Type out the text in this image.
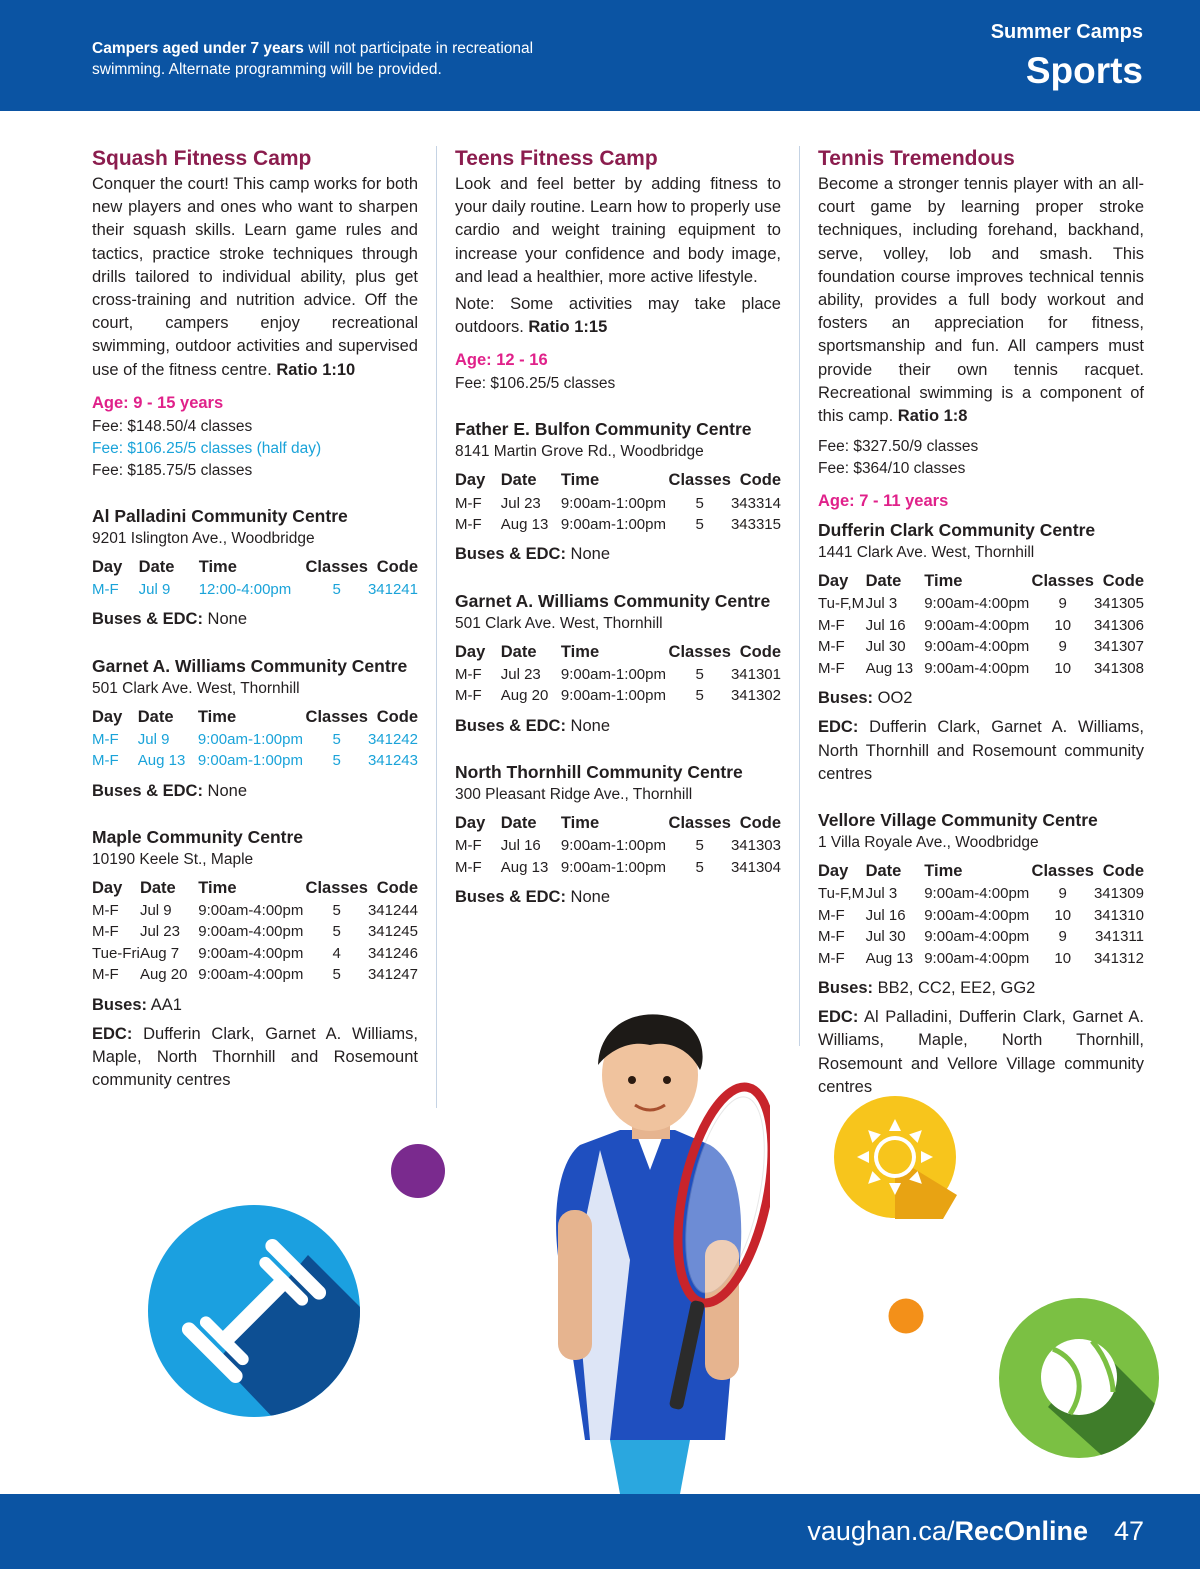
Campers aged under 7 years will not participate in recreational swimming. Alternate programming will be provided.
Summer Camps
Sports
Squash Fitness Camp

Conquer the court! This camp works for both new players and ones who want to sharpen their squash skills. Learn game rules and tactics, practice stroke techniques through drills tailored to individual ability, plus get cross-training and nutrition advice. Off the court, campers enjoy recreational swimming, outdoor activities and supervised use of the fitness centre. Ratio 1:10

Age: 9 - 15 years
Fee: $148.50/4 classes
Fee: $106.25/5 classes (half day)
Fee: $185.75/5 classes
Al Palladini Community Centre
9201 Islington Ave., Woodbridge
Day	Date	Time	Classes	Code
M-F	Jul 9	12:00-4:00pm	5	341241
Buses & EDC: None
Garnet A. Williams Community Centre
501 Clark Ave. West, Thornhill
Day	Date	Time	Classes	Code
M-F	Jul 9	9:00am-1:00pm	5	341242
M-F	Aug 13	9:00am-1:00pm	5	341243
Buses & EDC: None
Maple Community Centre
10190 Keele St., Maple
Day	Date	Time	Classes	Code
M-F	Jul 9	9:00am-4:00pm	5	341244
M-F	Jul 23	9:00am-4:00pm	5	341245
Tue-Fri	Aug 7	9:00am-4:00pm	4	341246
M-F	Aug 20	9:00am-4:00pm	5	341247
Buses: AA1
EDC: Dufferin Clark, Garnet A. Williams, Maple, North Thornhill and Rosemount community centres
Teens Fitness Camp

Look and feel better by adding fitness to your daily routine. Learn how to properly use cardio and weight training equipment to increase your confidence and body image, and lead a healthier, more active lifestyle.

Note: Some activities may take place outdoors. Ratio 1:15

Age: 12 - 16
Fee: $106.25/5 classes
Father E. Bulfon Community Centre
8141 Martin Grove Rd., Woodbridge
Day	Date	Time	Classes	Code
M-F	Jul 23	9:00am-1:00pm	5	343314
M-F	Aug 13	9:00am-1:00pm	5	343315
Buses & EDC: None
Garnet A. Williams Community Centre
501 Clark Ave. West, Thornhill
Day	Date	Time	Classes	Code
M-F	Jul 23	9:00am-1:00pm	5	341301
M-F	Aug 20	9:00am-1:00pm	5	341302
Buses & EDC: None
North Thornhill Community Centre
300 Pleasant Ridge Ave., Thornhill
Day	Date	Time	Classes	Code
M-F	Jul 16	9:00am-1:00pm	5	341303
M-F	Aug 13	9:00am-1:00pm	5	341304
Buses & EDC: None
Tennis Tremendous

Become a stronger tennis player with an all-court game by learning proper stroke techniques, including forehand, backhand, serve, volley, lob and smash. This foundation course improves technical tennis ability, provides a full body workout and fosters an appreciation for fitness, sportsmanship and fun. All campers must provide their own tennis racquet. Recreational swimming is a component of this camp. Ratio 1:8

Fee: $327.50/9 classes
Fee: $364/10 classes
Age: 7 - 11 years
Dufferin Clark Community Centre
1441 Clark Ave. West, Thornhill
Day	Date	Time	Classes	Code
Tu-F,M	Jul 3	9:00am-4:00pm	9	341305
M-F	Jul 16	9:00am-4:00pm	10	341306
M-F	Jul 30	9:00am-4:00pm	9	341307
M-F	Aug 13	9:00am-4:00pm	10	341308
Buses: OO2
EDC: Dufferin Clark, Garnet A. Williams, North Thornhill and Rosemount community centres
Vellore Village Community Centre
1 Villa Royale Ave., Woodbridge
Day	Date	Time	Classes	Code
Tu-F,M	Jul 3	9:00am-4:00pm	9	341309
M-F	Jul 16	9:00am-4:00pm	10	341310
M-F	Jul 30	9:00am-4:00pm	9	341311
M-F	Aug 13	9:00am-4:00pm	10	341312
Buses: BB2, CC2, EE2, GG2
EDC: Al Palladini, Dufferin Clark, Garnet A. Williams, Maple, North Thornhill, Rosemount and Vellore Village community centres
vaughan.ca/RecOnline 47
